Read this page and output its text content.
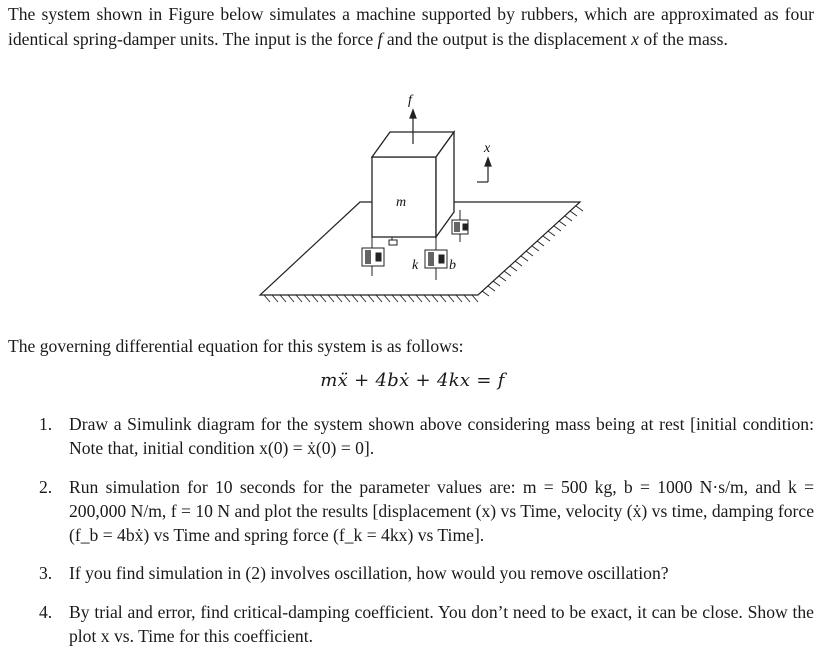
The system shown in Figure below simulates a machine supported by rubbers, which are approximated as four identical spring-damper units. The input is the force f and the output is the displacement x of the mass.

f
x
m
k b

The governing differential equation for this system is as follows:

mẍ + 4bẋ + 4kx = f
1. Draw a Simulink diagram for the system shown above considering mass being at rest [initial condition: Note that, initial condition x(0) = ẋ(0) = 0].
2. Run simulation for 10 seconds for the parameter values are: m = 500 kg, b = 1000 N·s/m, and k = 200,000 N/m, f = 10 N and plot the results [displacement (x) vs Time, velocity (ẋ) vs time, damping force (f_b = 4bẋ) vs Time and spring force (f_k = 4kx) vs Time].
3. If you find simulation in (2) involves oscillation, how would you remove oscillation?
4. By trial and error, find critical-damping coefficient. You don’t need to be exact, it can be close. Show the plot x vs. Time for this coefficient.
